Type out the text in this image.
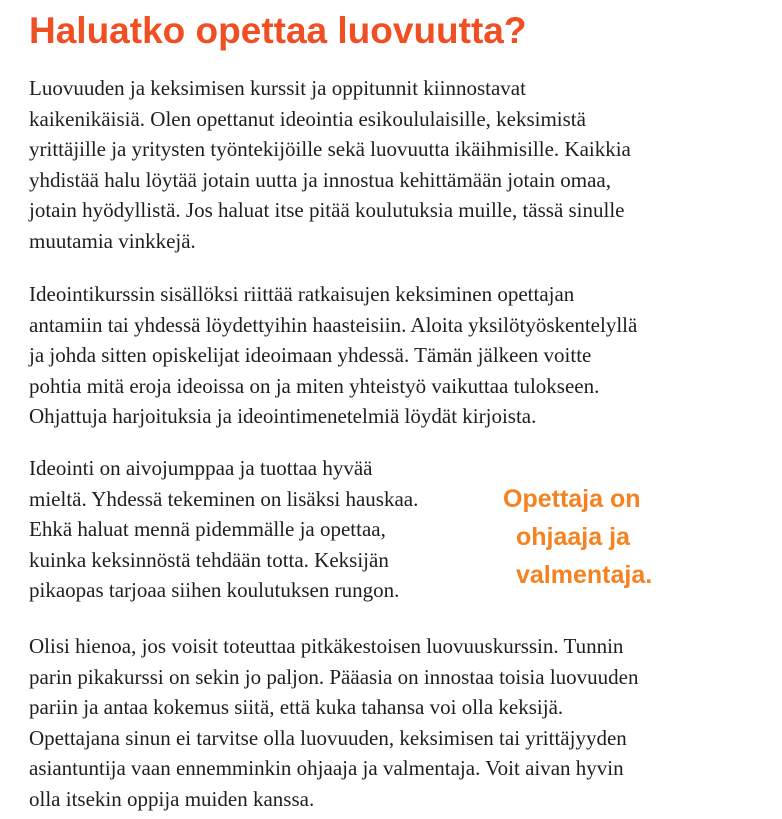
Haluatko opettaa luovuutta?

Luovuuden ja keksimisen kurssit ja oppitunnit kiinnostavat
kaikenikäisiä. Olen opettanut ideointia esikoululaisille, keksimistä
yrittäjille ja yritysten työntekijöille sekä luovuutta ikäihmisille. Kaikkia
yhdistää halu löytää jotain uutta ja innostua kehittämään jotain omaa,
jotain hyödyllistä. Jos haluat itse pitää koulutuksia muille, tässä sinulle
muutamia vinkkejä.

Ideointikurssin sisällöksi riittää ratkaisujen keksiminen opettajan
antamiin tai yhdessä löydettyihin haasteisiin. Aloita yksilötyöskentelyllä
ja johda sitten opiskelijat ideoimaan yhdessä. Tämän jälkeen voitte
pohtia mitä eroja ideoissa on ja miten yhteistyö vaikuttaa tulokseen.
Ohjattuja harjoituksia ja ideointimenetelmiä löydät kirjoista.

Ideointi on aivojumppaa ja tuottaa hyvää
mieltä. Yhdessä tekeminen on lisäksi hauskaa.
Ehkä haluat mennä pidemmälle ja opettaa,
kuinka keksinnöstä tehdään totta. Keksijän
pikaopas tarjoaa siihen koulutuksen rungon.

Opettaja on
ohjaaja ja
valmentaja.

Olisi hienoa, jos voisit toteuttaa pitkäkestoisen luovuuskurssin. Tunnin
parin pikakurssi on sekin jo paljon. Pääasia on innostaa toisia luovuuden
pariin ja antaa kokemus siitä, että kuka tahansa voi olla keksijä.
Opettajana sinun ei tarvitse olla luovuuden, keksimisen tai yrittäjyyden
asiantuntija vaan ennemminkin ohjaaja ja valmentaja. Voit aivan hyvin
olla itsekin oppija muiden kanssa.
